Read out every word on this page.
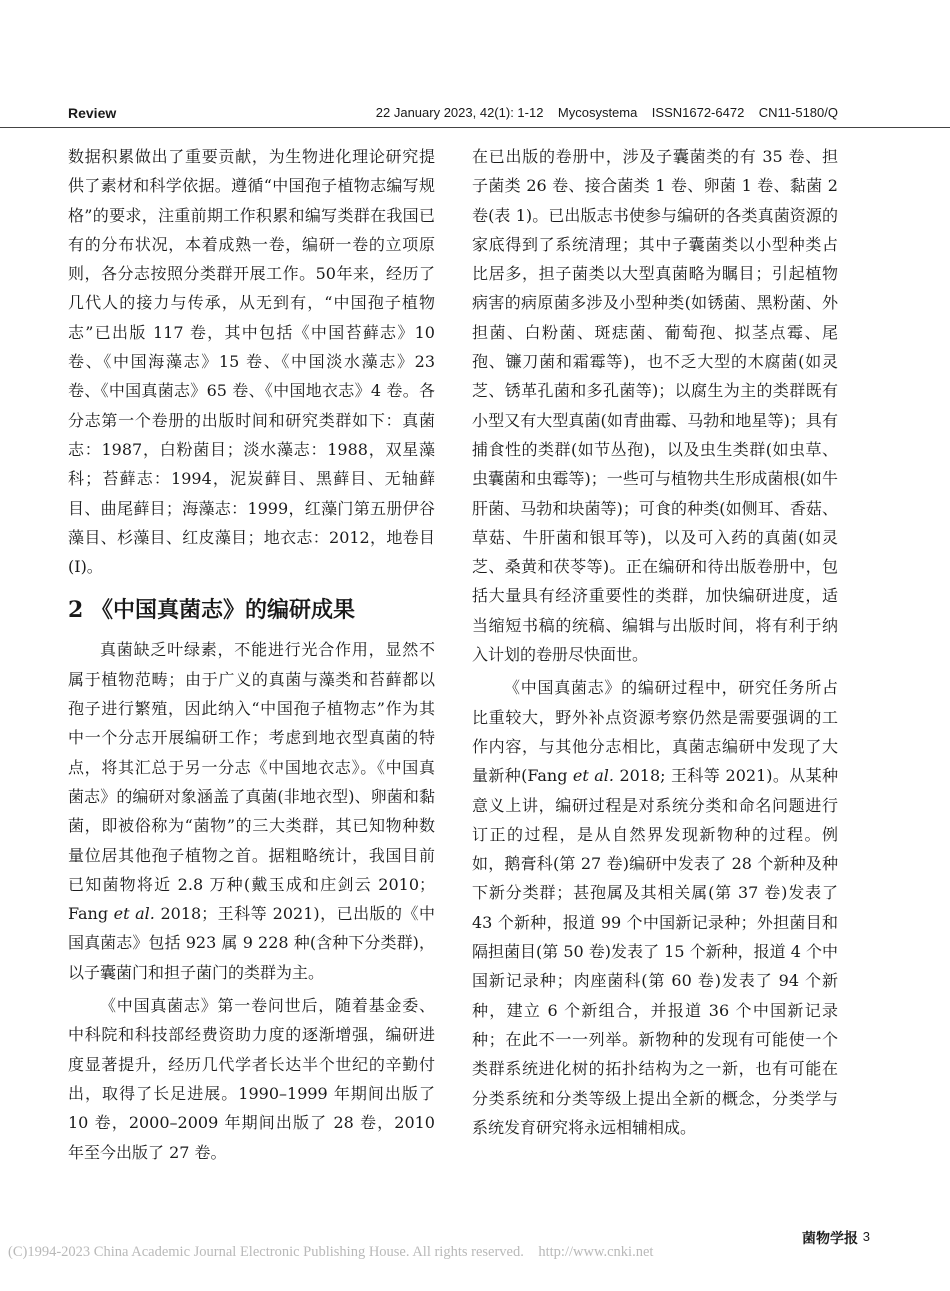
Review	22 January 2023, 42(1): 1-12    Mycosystema    ISSN1672-6472    CN11-5180/Q

数据积累做出了重要贡献，为生物进化理论研究提供了素材和科学依据。遵循“中国孢子植物志编写规格”的要求，注重前期工作积累和编写类群在我国已有的分布状况，本着成熟一卷，编研一卷的立项原则，各分志按照分类群开展工作。50年来，经历了几代人的接力与传承，从无到有，“中国孢子植物志”已出版 117 卷，其中包括《中国苔藓志》10 卷、《中国海藻志》15 卷、《中国淡水藻志》23 卷、《中国真菌志》65 卷、《中国地衣志》4 卷。各分志第一个卷册的出版时间和研究类群如下：真菌志：1987，白粉菌目；淡水藻志：1988，双星藻科；苔藓志：1994，泥炭藓目、黑藓目、无轴藓目、曲尾藓目；海藻志：1999，红藻门第五册伊谷藻目、杉藻目、红皮藻目；地衣志：2012，地卷目(Ⅰ)。

2 《中国真菌志》的编研成果

真菌缺乏叶绿素，不能进行光合作用，显然不属于植物范畴；由于广义的真菌与藻类和苔藓都以孢子进行繁殖，因此纳入“中国孢子植物志”作为其中一个分志开展编研工作；考虑到地衣型真菌的特点，将其汇总于另一分志《中国地衣志》。《中国真菌志》的编研对象涵盖了真菌(非地衣型)、卵菌和黏菌，即被俗称为“菌物”的三大类群，其已知物种数量位居其他孢子植物之首。据粗略统计，我国目前已知菌物将近 2.8 万种(戴玉成和庄剑云 2010；Fang et al. 2018；王科等 2021)，已出版的《中国真菌志》包括 923 属 9 228 种(含种下分类群)，以子囊菌门和担子菌门的类群为主。

《中国真菌志》第一卷问世后，随着基金委、中科院和科技部经费资助力度的逐渐增强，编研进度显著提升，经历几代学者长达半个世纪的辛勤付出，取得了长足进展。1990–1999 年期间出版了 10 卷，2000–2009 年期间出版了 28 卷，2010 年至今出版了 27 卷。

在已出版的卷册中，涉及子囊菌类的有 35 卷、担子菌类 26 卷、接合菌类 1 卷、卵菌 1 卷、黏菌 2 卷(表 1)。已出版志书使参与编研的各类真菌资源的家底得到了系统清理；其中子囊菌类以小型种类占比居多，担子菌类以大型真菌略为瞩目；引起植物病害的病原菌多涉及小型种类(如锈菌、黑粉菌、外担菌、白粉菌、斑痣菌、葡萄孢、拟茎点霉、尾孢、镰刀菌和霜霉等)，也不乏大型的木腐菌(如灵芝、锈革孔菌和多孔菌等)；以腐生为主的类群既有小型又有大型真菌(如青曲霉、马勃和地星等)；具有捕食性的类群(如节丛孢)，以及虫生类群(如虫草、虫囊菌和虫霉等)；一些可与植物共生形成菌根(如牛肝菌、马勃和块菌等)；可食的种类(如侧耳、香菇、草菇、牛肝菌和银耳等)，以及可入药的真菌(如灵芝、桑黄和茯苓等)。正在编研和待出版卷册中，包括大量具有经济重要性的类群，加快编研进度，适当缩短书稿的统稿、编辑与出版时间，将有利于纳入计划的卷册尽快面世。

《中国真菌志》的编研过程中，研究任务所占比重较大，野外补点资源考察仍然是需要强调的工作内容，与其他分志相比，真菌志编研中发现了大量新种(Fang et al. 2018; 王科等 2021)。从某种意义上讲，编研过程是对系统分类和命名问题进行订正的过程，是从自然界发现新物种的过程。例如，鹅膏科(第 27 卷)编研中发表了 28 个新种及种下新分类群；甚孢属及其相关属(第 37 卷)发表了 43 个新种，报道 99 个中国新记录种；外担菌目和隔担菌目(第 50 卷)发表了 15 个新种，报道 4 个中国新记录种；肉座菌科(第 60 卷)发表了 94 个新种，建立 6 个新组合，并报道 36 个中国新记录种；在此不一一列举。新物种的发现有可能使一个类群系统进化树的拓扑结构为之一新，也有可能在分类系统和分类等级上提出全新的概念，分类学与系统发育研究将永远相辅相成。

菌物学报 3
(C)1994-2023 China Academic Journal Electronic Publishing House. All rights reserved.    http://www.cnki.net
